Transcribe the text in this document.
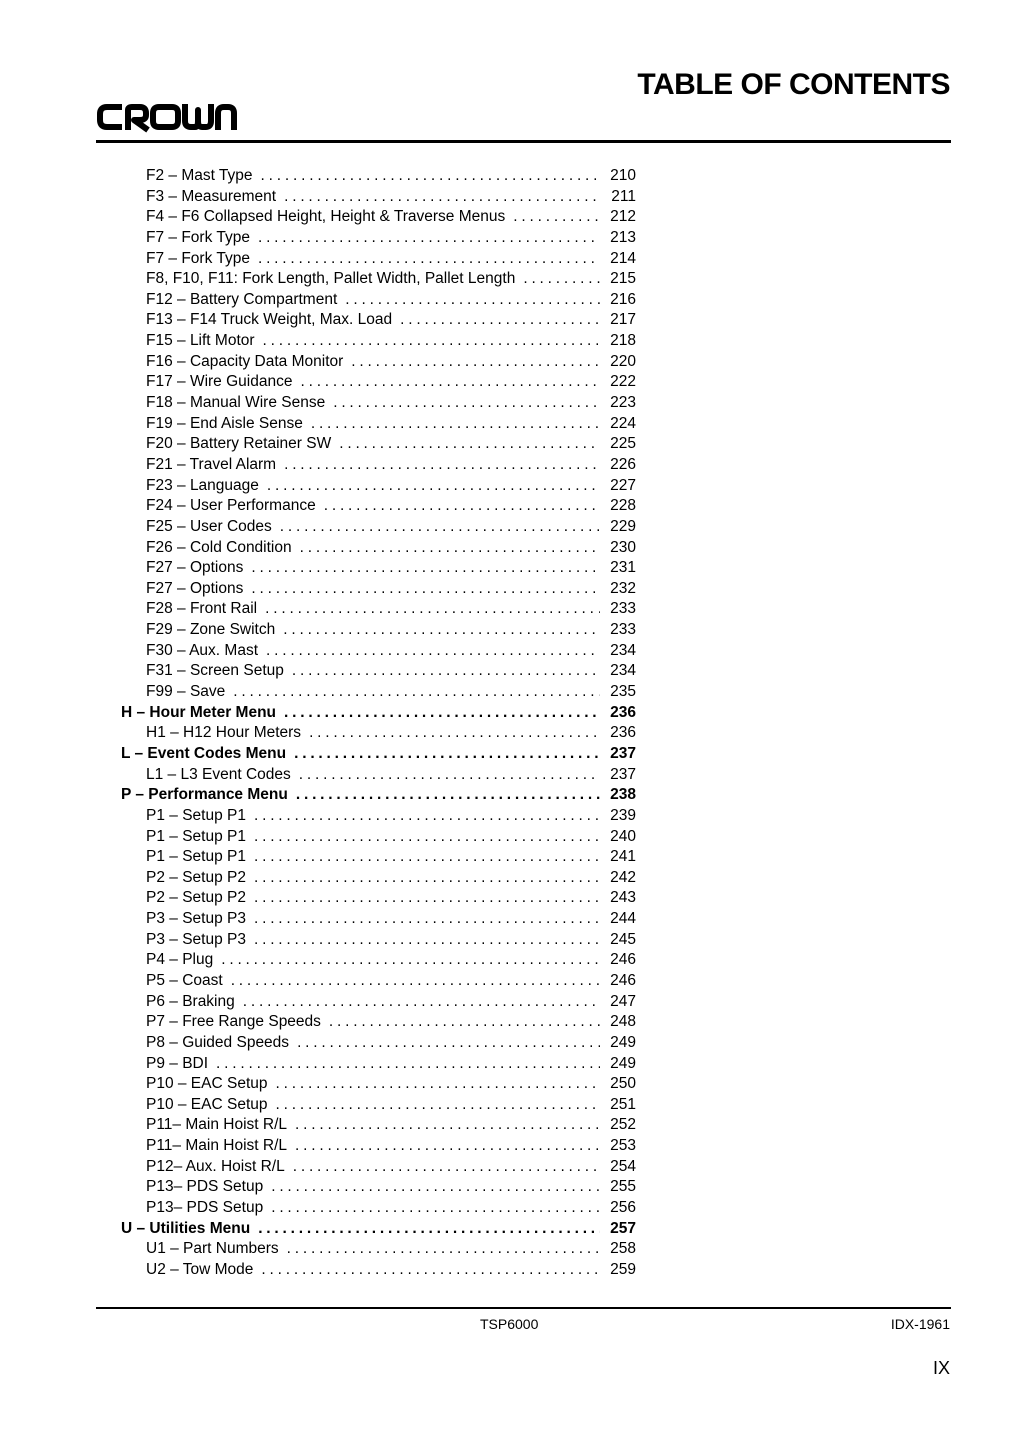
TABLE OF CONTENTS
F2 – Mast Type . . .	210
F3 – Measurement . . .	211
F4 – F6 Collapsed Height, Height & Traverse Menus . . .	212
F7 – Fork Type . . .	213
F7 – Fork Type . . .	214
F8, F10, F11: Fork Length, Pallet Width, Pallet Length . . .	215
F12 – Battery Compartment . . .	216
F13 – F14 Truck Weight, Max. Load . . .	217
F15 – Lift Motor . . .	218
F16 – Capacity Data Monitor . . .	220
F17 – Wire Guidance . . .	222
F18 – Manual Wire Sense . . .	223
F19 – End Aisle Sense . . .	224
F20 – Battery Retainer SW . . .	225
F21 – Travel Alarm . . .	226
F23 – Language . . .	227
F24 – User Performance . . .	228
F25 – User Codes . . .	229
F26 – Cold Condition . . .	230
F27 – Options . . .	231
F27 – Options . . .	232
F28 – Front Rail . . .	233
F29 – Zone Switch . . .	233
F30 – Aux. Mast . . .	234
F31 – Screen Setup . . .	234
F99 – Save . . .	235
H – Hour Meter Menu . . .	236
H1 – H12 Hour Meters . . .	236
L – Event Codes Menu . . .	237
L1 – L3 Event Codes . . .	237
P – Performance Menu . . .	238
P1 – Setup P1 . . .	239
P1 – Setup P1 . . .	240
P1 – Setup P1 . . .	241
P2 – Setup P2 . . .	242
P2 – Setup P2 . . .	243
P3 – Setup P3 . . .	244
P3 – Setup P3 . . .	245
P4 – Plug . . .	246
P5 – Coast . . .	246
P6 – Braking . . .	247
P7 – Free Range Speeds . . .	248
P8 – Guided Speeds . . .	249
P9 – BDI . . .	249
P10 – EAC Setup . . .	250
P10 – EAC Setup . . .	251
P11– Main Hoist R/L . . .	252
P11– Main Hoist R/L . . .	253
P12– Aux. Hoist R/L . . .	254
P13– PDS Setup . . .	255
P13– PDS Setup . . .	256
U – Utilities Menu . . .	257
U1 – Part Numbers . . .	258
U2 – Tow Mode . . .	259
TSP6000	IDX-1961
IX
